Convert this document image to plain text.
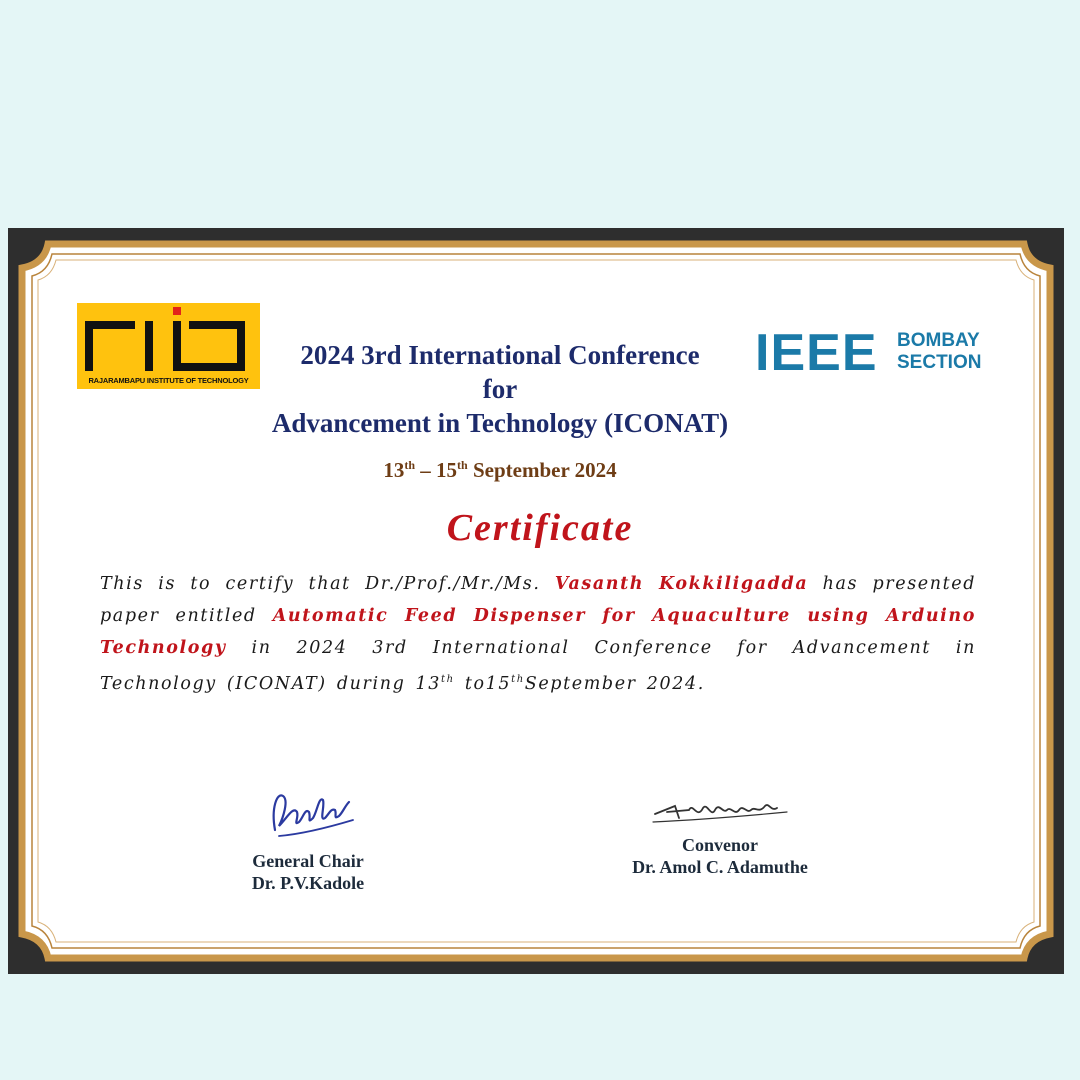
RAJARAMBAPU INSTITUTE OF TECHNOLOGY	IEEE BOMBAY
SECTION
2024 3rd International Conference
for
Advancement in Technology (ICONAT)
13th – 15th September 2024
Certificate
This is to certify that Dr./Prof./Mr./Ms. Vasanth Kokkiligadda has presented paper entitled Automatic Feed Dispenser for Aquaculture using Arduino Technology in 2024 3rd International Conference for Advancement in Technology (ICONAT) during 13th to15thSeptember 2024.
General Chair
Dr. P.V.Kadole
Convenor
Dr. Amol C. Adamuthe
